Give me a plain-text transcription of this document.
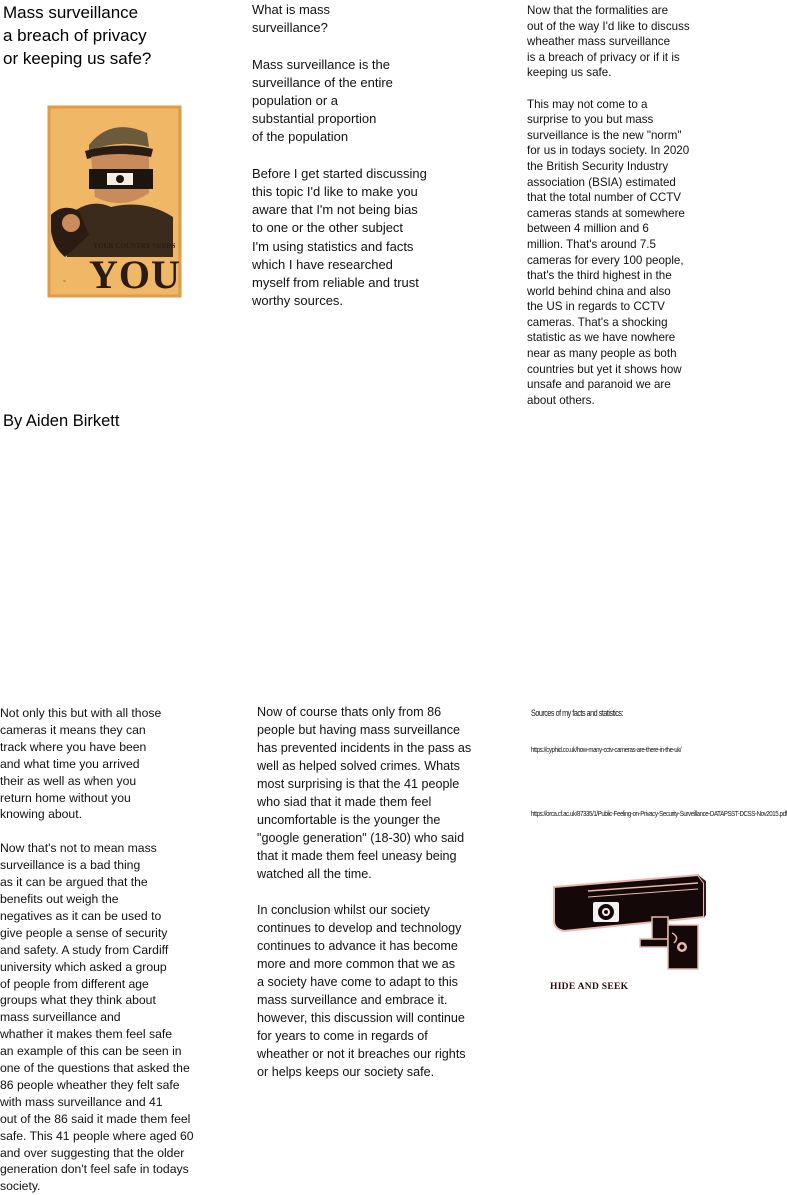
Mass surveillance
a breach of privacy
or keeping us safe?
YOUR COUNTRY NEEDS
YOU
~
By Aiden Birkett
What is mass
surveillance?

Mass surveillance is the
surveillance of the entire
population or a
substantial proportion
of the population

Before I get started discussing
this topic I'd like to make you
aware that I'm not being bias
to one or the other subject
I'm using statistics and facts
which I have researched
myself from reliable and trust
worthy sources.
Now that the formalities are
out of the way I'd like to discuss
wheather mass surveillance
is a breach of privacy or if it is
keeping us safe.

This may not come to a
surprise to you but mass
surveillance is the new "norm"
for us in todays society. In 2020
the British Security Industry
association (BSIA) estimated
that the total number of CCTV
cameras stands at somewhere
between 4 million and 6
million. That's around 7.5
cameras for every 100 people,
that's the third highest in the
world behind china and also
the US in regards to CCTV
cameras. That's a shocking
statistic as we have nowhere
near as many people as both
countries but yet it shows how
unsafe and paranoid we are
about others.
Not only this but with all those
cameras it means they can
track where you have been
and what time you arrived
their as well as when you
return home without you
knowing about.

Now that's not to mean mass
surveillance is a bad thing
as it can be argued that the
benefits out weigh the
negatives as it can be used to
give people a sense of security
and safety. A study from Cardiff
university which asked a group
of people from different age
groups what they think about
mass surveillance and
whather it makes them feel safe
an example of this can be seen in
one of the questions that asked the
86 people wheather they felt safe
with mass surveillance and 41
out of the 86 said it made them feel
safe. This 41 people where aged 60
and over suggesting that the older
generation don't feel safe in todays
society.
Now of course thats only from 86
people but having mass surveillance
has prevented incidents in the pass as
well as helped solved crimes. Whats
most surprising is that the 41 people
who siad that it made them feel
uncomfortable is the younger the
"google generation" (18-30) who said
that it made them feel uneasy being
watched all the time.

In conclusion whilst our society
continues to develop and technology
continues to advance it has become
more and more common that we as
a society have come to adapt to this
mass surveillance and embrace it.
however, this discussion will continue
for years to come in regards of
wheather or not it breaches our rights
or helps keeps our society safe.
Sources of my facts and statistics:
https://cyphid.co.uk/how-many-cctv-cameras-are-there-in-the-uk/
https://orca.cf.ac.uk/87335/1/Public-Feeling-on-Privacy-Security-Surveillance-DATAPSST-DCSS-Nov2015.pdf
HIDE AND SEEK
